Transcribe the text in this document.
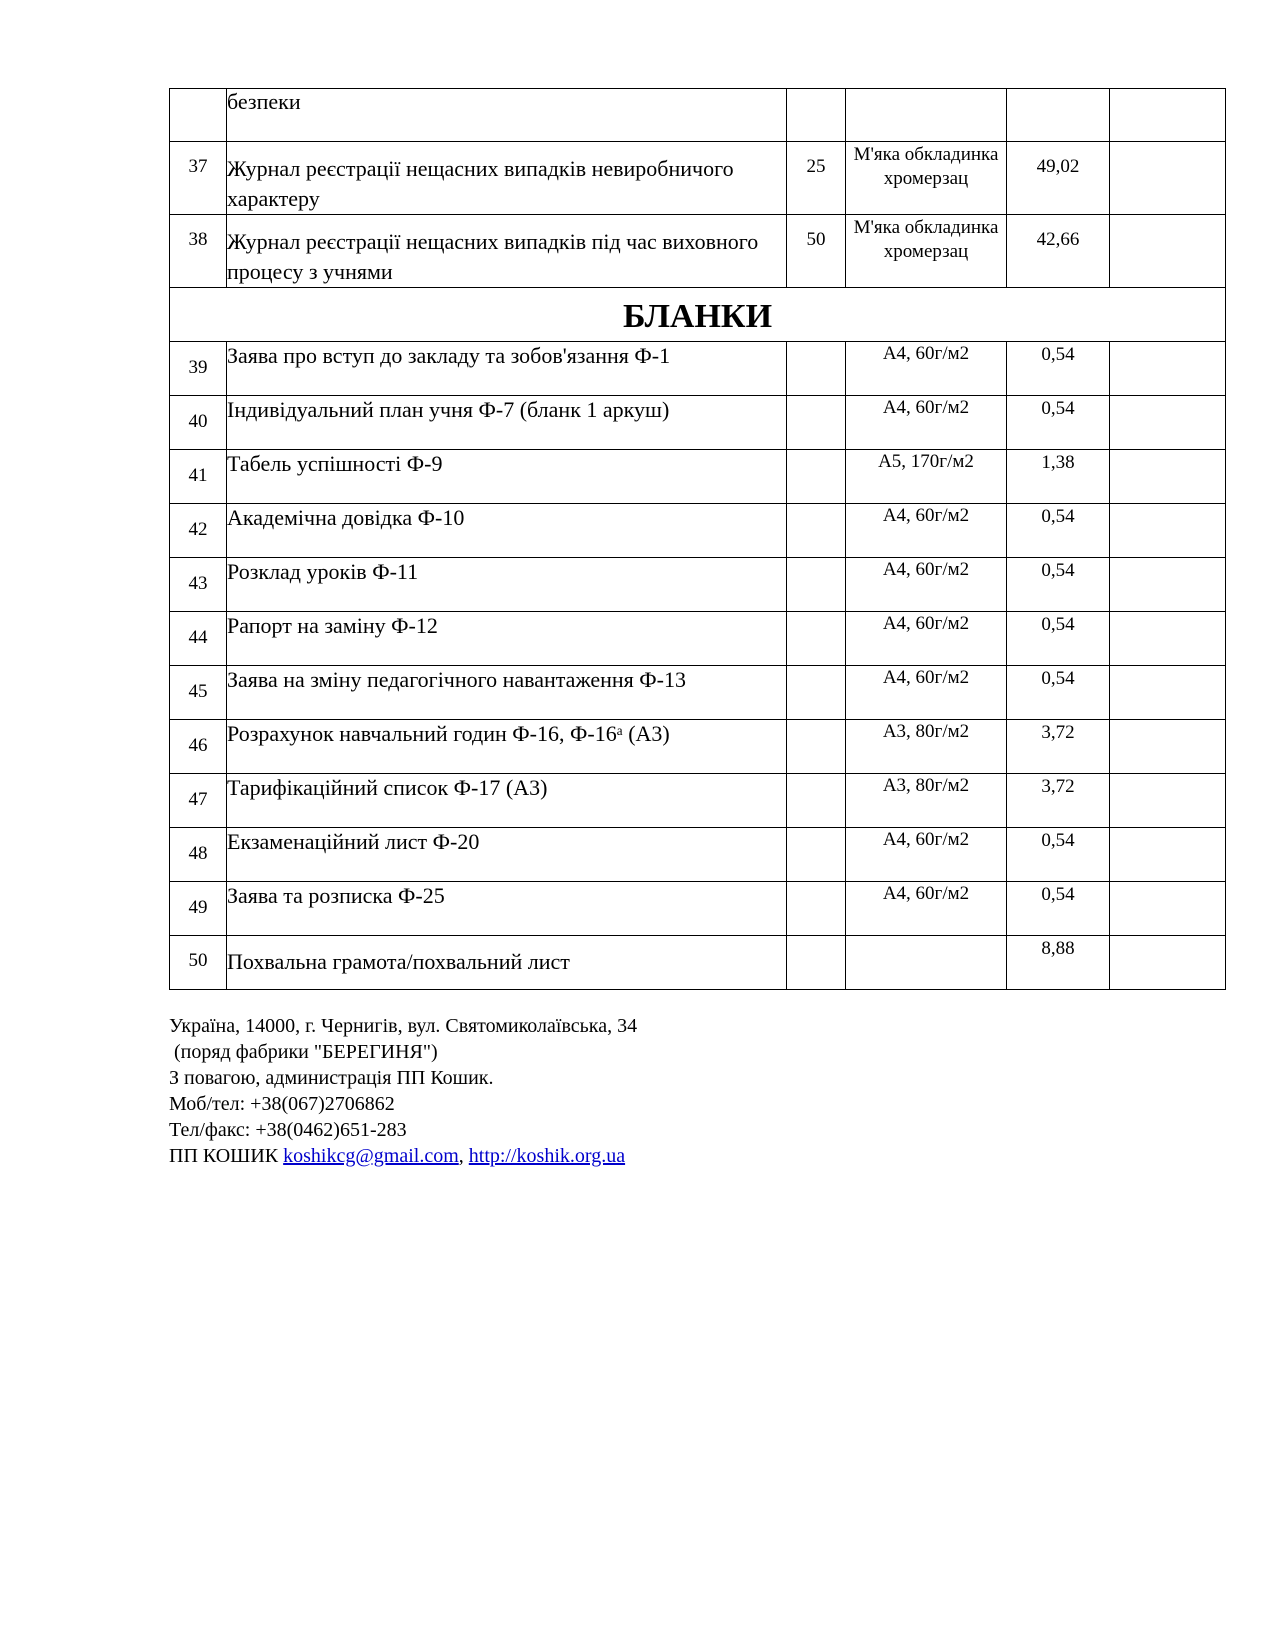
	безпеки				
37	Журнал реєстрації нещасних випадків невиробничого характеру	25	М'яка обкладинка хромерзац	49,02	
38	Журнал реєстрації нещасних випадків під час виховного процесу з учнями	50	М'яка обкладинка хромерзац	42,66	
БЛАНКИ					
39	Заява про вступ до закладу та зобов'язання Ф-1		А4, 60г/м2	0,54	
40	Індивідуальний план учня Ф-7 (бланк 1 аркуш)		А4, 60г/м2	0,54	
41	Табель успішності Ф-9		А5, 170г/м2	1,38	
42	Академічна довідка Ф-10		А4, 60г/м2	0,54	
43	Розклад уроків Ф-11		А4, 60г/м2	0,54	
44	Рапорт на заміну Ф-12		А4, 60г/м2	0,54	
45	Заява на зміну педагогічного навантаження Ф-13		А4, 60г/м2	0,54	
46	Розрахунок навчальний годин Ф-16, Ф-16ᵃ (А3)		А3, 80г/м2	3,72	
47	Тарифікаційний список Ф-17 (А3)		А3, 80г/м2	3,72	
48	Екзаменаційний лист Ф-20		А4, 60г/м2	0,54	
49	Заява та розписка Ф-25		А4, 60г/м2	0,54	
50	Похвальна грамота/похвальний лист			8,88	
Україна, 14000, г. Чернигів, вул. Святомиколаївська, 34
(поряд фабрики "БЕРЕГИНЯ")
З повагою, администрація ПП Кошик.
Моб/тел: +38(067)2706862
Тел/факс: +38(0462)651-283
ПП КОШИК koshikcg@gmail.com, http://koshik.org.ua
